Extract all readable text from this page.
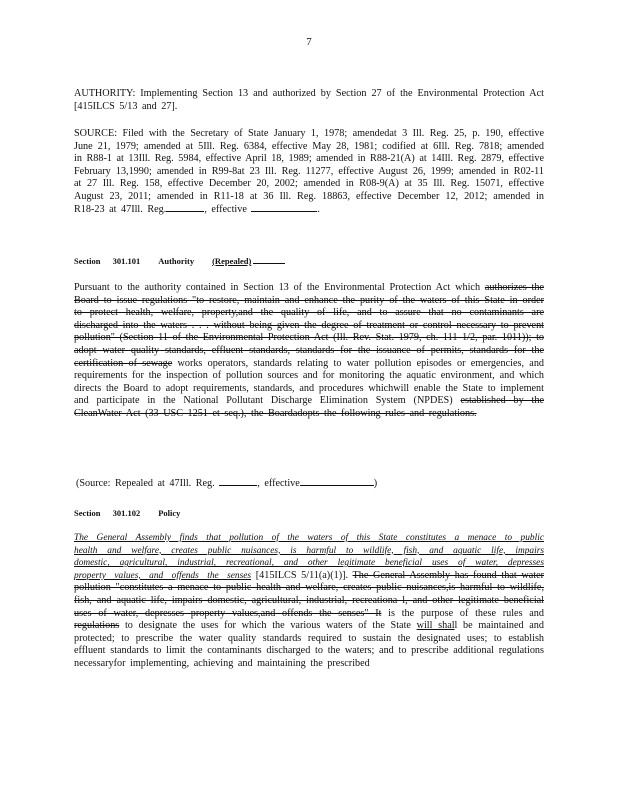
7
AUTHORITY: Implementing Section 13 and authorized by Section 27 of the Environmental Protection Act [415ILCS 5/13 and 27].
SOURCE: Filed with the Secretary of State January 1, 1978; amendedat 3 Ill. Reg. 25, p. 190, effective June 21, 1979; amended at 5Ill. Reg. 6384, effective May 28, 1981; codified at 6Ill. Reg. 7818; amended in R88-1 at 13Ill. Reg. 5984, effective April 18, 1989; amended in R88-21(A) at 14Ill. Reg. 2879, effective February 13,1990; amended in R99-8at 23 Ill. Reg. 11277, effective August 26, 1999; amended in R02-11 at 27 Ill. Reg. 158, effective December 20, 2002; amended in R08-9(A) at 35 Ill. Reg. 15071, effective August 23, 2011; amended in R11-18 at 36 Ill. Reg. 18863, effective December 12, 2012; amended in R18-23 at 47Ill. Reg.	, effective	.
Section 301.101 Authority (Repealed)
Pursuant to the authority contained in Section 13 of the Environmental Protection Act which authorizes the Board to issue regulations "to restore, maintain and enhance the purity of the waters of this State in order to protect health, welfare, property,and the quality of life, and to assure that no contaminants are discharged into the waters . . . without being given the degree of treatment or control necessary to prevent pollution" (Section 11 of the Environmental Protection Act (Ill. Rev. Stat. 1979, ch. 111 1/2, par. 1011)); to adopt water quality standards, effluent standards, standards for the issuance of permits, standards for the certification of sewage works operators, standards relating to water pollution episodes or emergencies, and requirements for the inspection of pollution sources and for monitoring the aquatic environment, and which directs the Board to adopt requirements, standards, and procedures whichwill enable the State to implement and participate in the National Pollutant Discharge Elimination System (NPDES) established by the CleanWater Act (33 USC 1251 et seq.), the Boardadopts the following rules and regulations.
(Source: Repealed at 47Ill. Reg.	, effective	)
Section 301.102 Policy
The General Assembly finds that pollution of the waters of this State constitutes a menace to public health and welfare, creates public nuisances, is harmful to wildlife, fish, and aquatic life, impairs domestic, agricultural, industrial, recreational, and other legitimate beneficial uses of water, depresses property values, and offends the senses [415ILCS 5/11(a)(1)]. The General Assembly has found that water pollution "constitutes a menace to public health and welfare, creates public nuisances,is harmful to wildlife, fish, and aquatic life, impairs domestic, agricultural, industrial, recreationa l, and other legitimate beneficial uses of water, depresses property values,and offends the senses" It is the purpose of these rules and regulations to designate the uses for which the various waters of the State will shall be maintained and protected; to prescribe the water quality standards required to sustain the designated uses; to establish effluent standards to limit the contaminants discharged to the waters; and to prescribe additional regulations necessaryfor implementing, achieving and maintaining the prescribed
